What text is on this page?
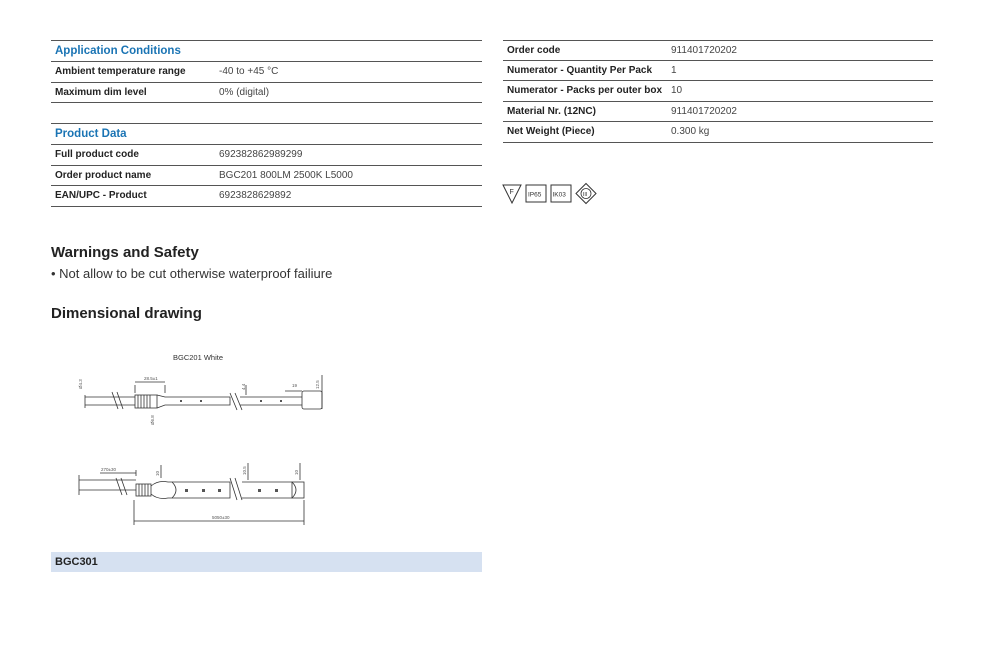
Application Conditions
Ambient temperature range	-40 to +45 °C
Maximum dim level	0% (digital)
Product Data
Full product code	692382862989299
Order product name	BGC201 800LM 2500K L5000
EAN/UPC - Product	6923828629892
Order code	911401720202
Numerator - Quantity Per Pack	1
Numerator - Packs per outer box 10
Material Nr. (12NC)	911401720202
Net Weight (Piece)	0.300 kg
F IP65 IK03	III
Warnings and Safety
• Not allow to be cut otherwise waterproof failiure
Dimensional drawing
BGC201 White
Ø4.3
28.5±1
Ø6.8
4.4	19	12.5
270±30
10	10.5	10
5050±30
BGC301
